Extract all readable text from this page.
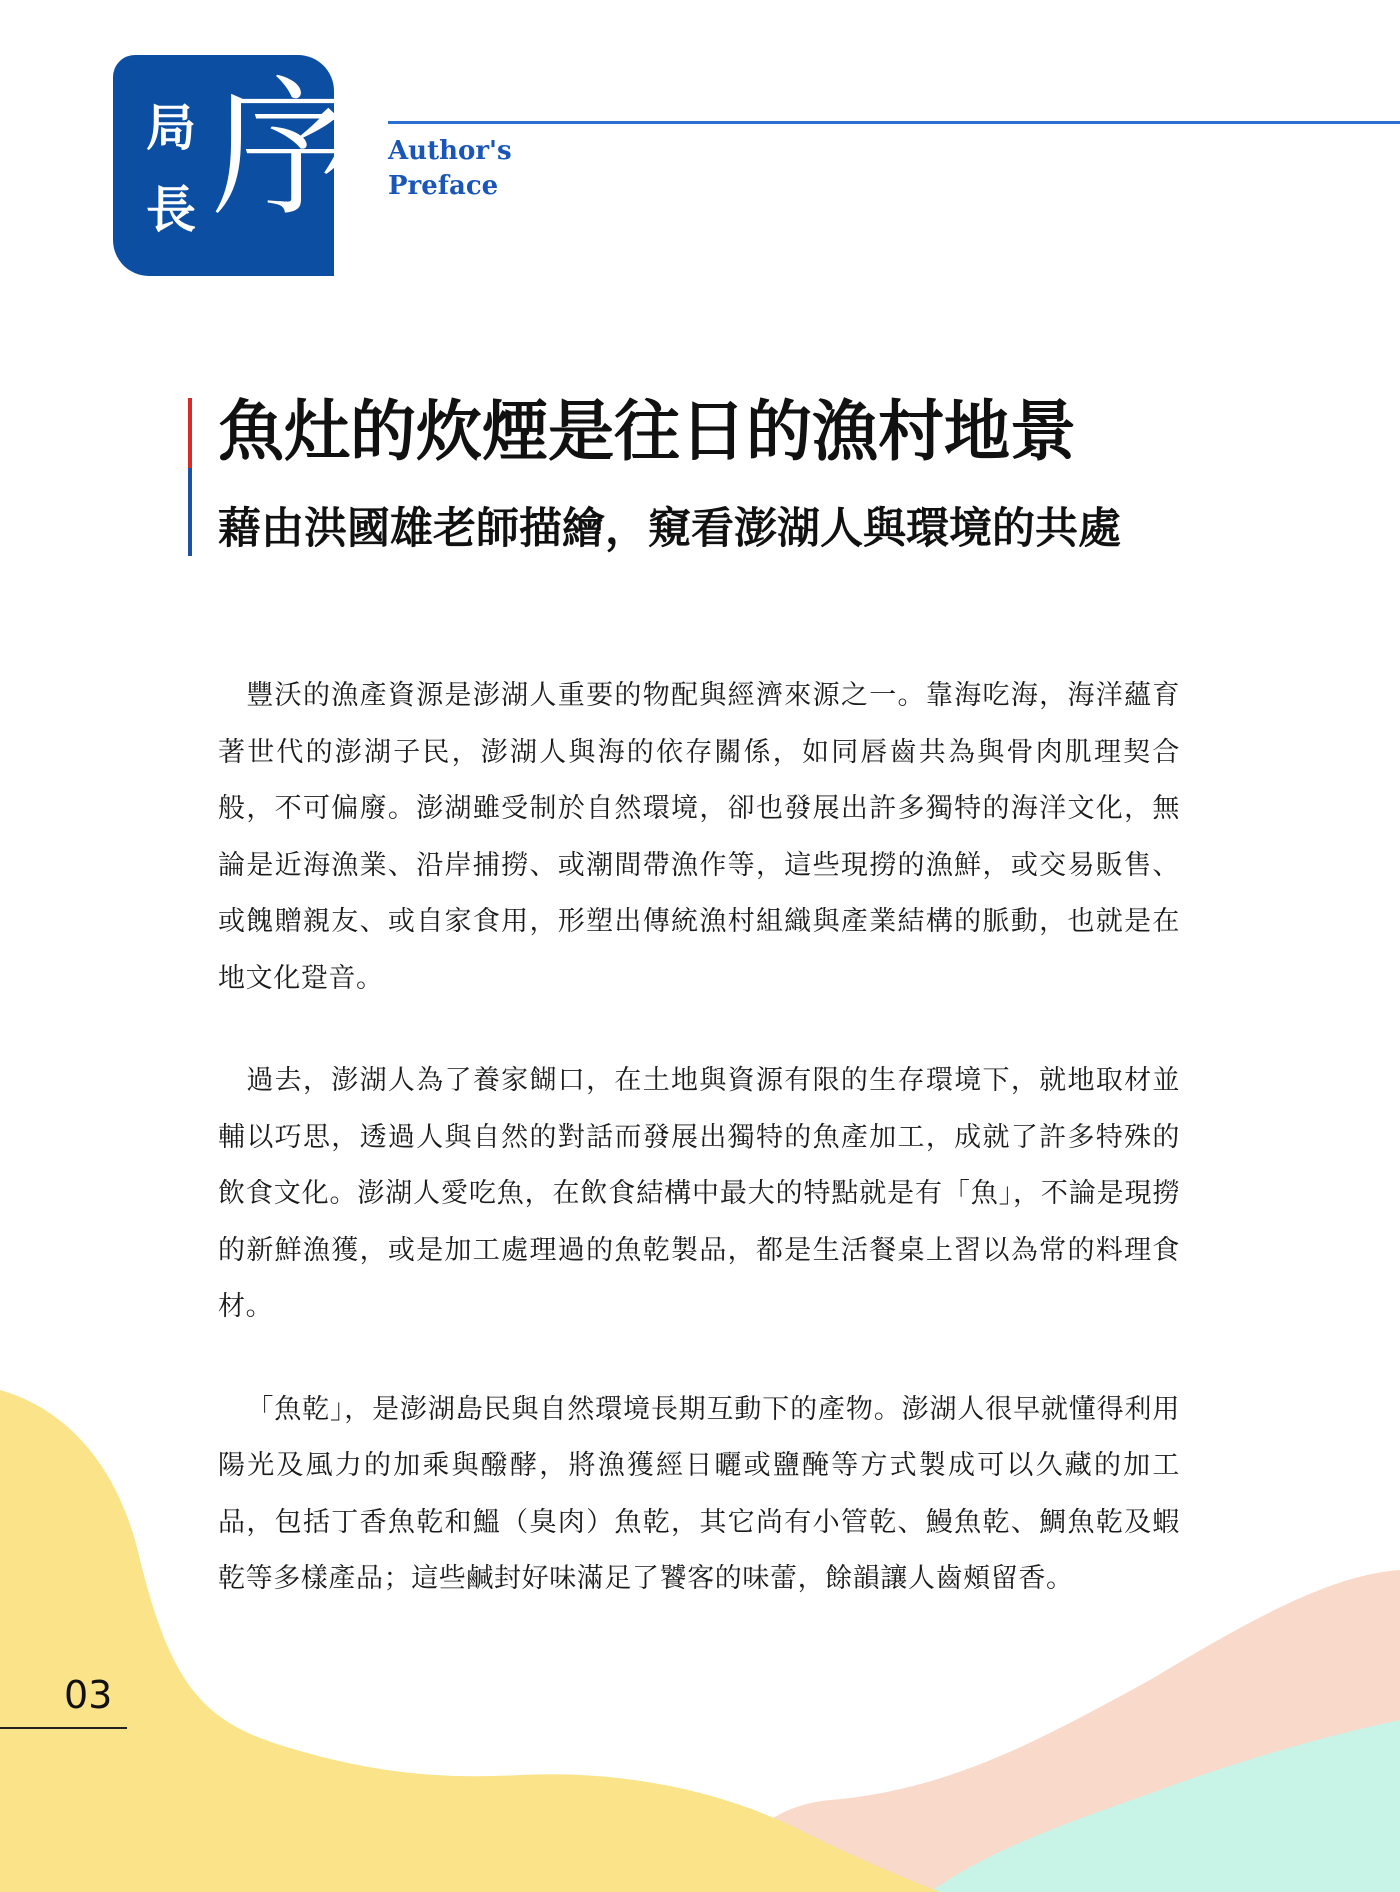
局
長 序 Author's
Preface
魚灶的炊煙是往日的漁村地景
藉由洪國雄老師描繪，窺看澎湖人與環境的共處

豐沃的漁產資源是澎湖人重要的物配與經濟來源之一。靠海吃海，海洋蘊育著世代的澎湖子民，澎湖人與海的依存關係，如同唇齒共為與骨肉肌理契合般，不可偏廢。澎湖雖受制於自然環境，卻也發展出許多獨特的海洋文化，無論是近海漁業、沿岸捕撈、或潮間帶漁作等，這些現撈的漁鮮，或交易販售、或餽贈親友、或自家食用，形塑出傳統漁村組織與產業結構的脈動，也就是在地文化跫音。

過去，澎湖人為了養家餬口，在土地與資源有限的生存環境下，就地取材並輔以巧思，透過人與自然的對話而發展出獨特的魚產加工，成就了許多特殊的飲食文化。澎湖人愛吃魚，在飲食結構中最大的特點就是有「魚」，不論是現撈的新鮮漁獲，或是加工處理過的魚乾製品，都是生活餐桌上習以為常的料理食材。

「魚乾」，是澎湖島民與自然環境長期互動下的產物。澎湖人很早就懂得利用陽光及風力的加乘與醱酵，將漁獲經日曬或鹽醃等方式製成可以久藏的加工品，包括丁香魚乾和鰮（臭肉）魚乾，其它尚有小管乾、鰻魚乾、鯛魚乾及蝦乾等多樣產品；這些鹹封好味滿足了饕客的味蕾，餘韻讓人齒頰留香。

03
